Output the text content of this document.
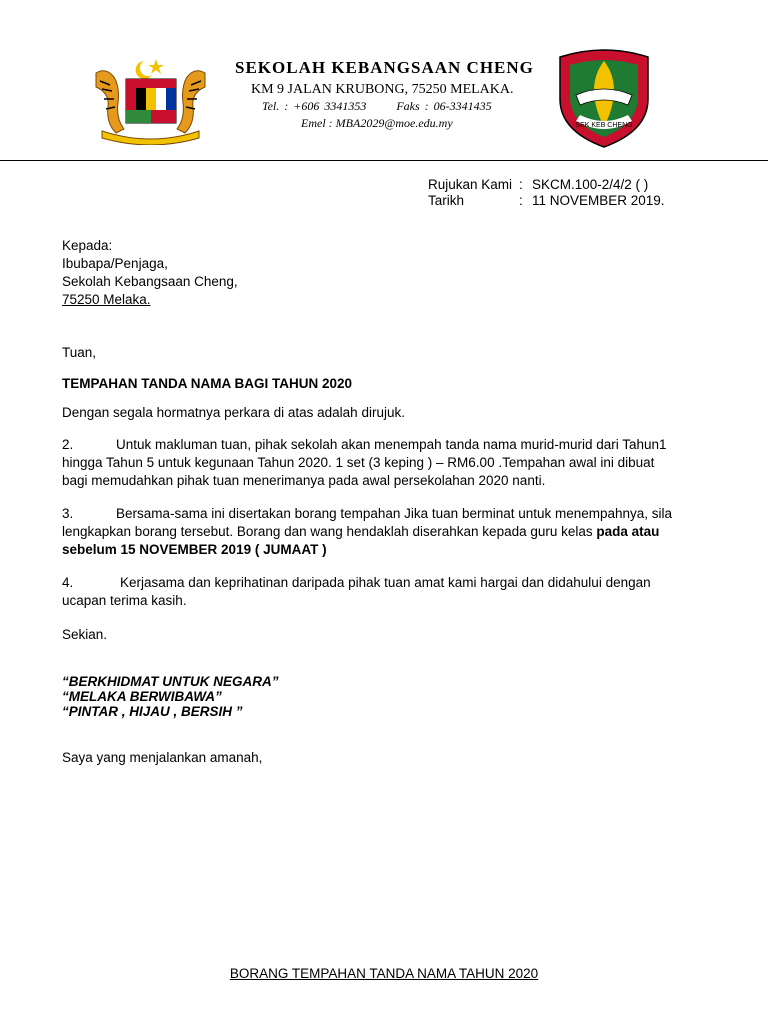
SEK KEB CHENG
SEKOLAH KEBANGSAAN CHENG
KM 9 JALAN KRUBONG, 75250 MELAKA.
Tel. : +606 3341353	Faks : 06-3341435
Emel : MBA2029@moe.edu.my
Rujukan Kami : SKCM.100-2/4/2 ( )
Tarikh	: 11 NOVEMBER 2019.
Kepada:
Ibubapa/Penjaga,
Sekolah Kebangsaan Cheng,
75250 Melaka.
Tuan,
TEMPAHAN TANDA NAMA BAGI TAHUN 2020
Dengan segala hormatnya perkara di atas adalah dirujuk.
2.	Untuk makluman tuan, pihak sekolah akan menempah tanda nama murid-murid dari Tahun1
hingga Tahun 5 untuk kegunaan Tahun 2020. 1 set (3 keping ) – RM6.00 .Tempahan awal ini dibuat
bagi memudahkan pihak tuan menerimanya pada awal persekolahan 2020 nanti.
3.	Bersama-sama ini disertakan borang tempahan Jika tuan berminat untuk menempahnya, sila
lengkapkan borang tersebut. Borang dan wang hendaklah diserahkan kepada guru kelas pada atau
sebelum 15 NOVEMBER 2019 ( JUMAAT )
4.	Kerjasama dan keprihatinan daripada pihak tuan amat kami hargai dan didahului dengan
ucapan terima kasih.
Sekian.
“BERKHIDMAT UNTUK NEGARA”
“MELAKA BERWIBAWA”
“PINTAR , HIJAU , BERSIH ”
Saya yang menjalankan amanah,
BORANG TEMPAHAN TANDA NAMA TAHUN 2020
